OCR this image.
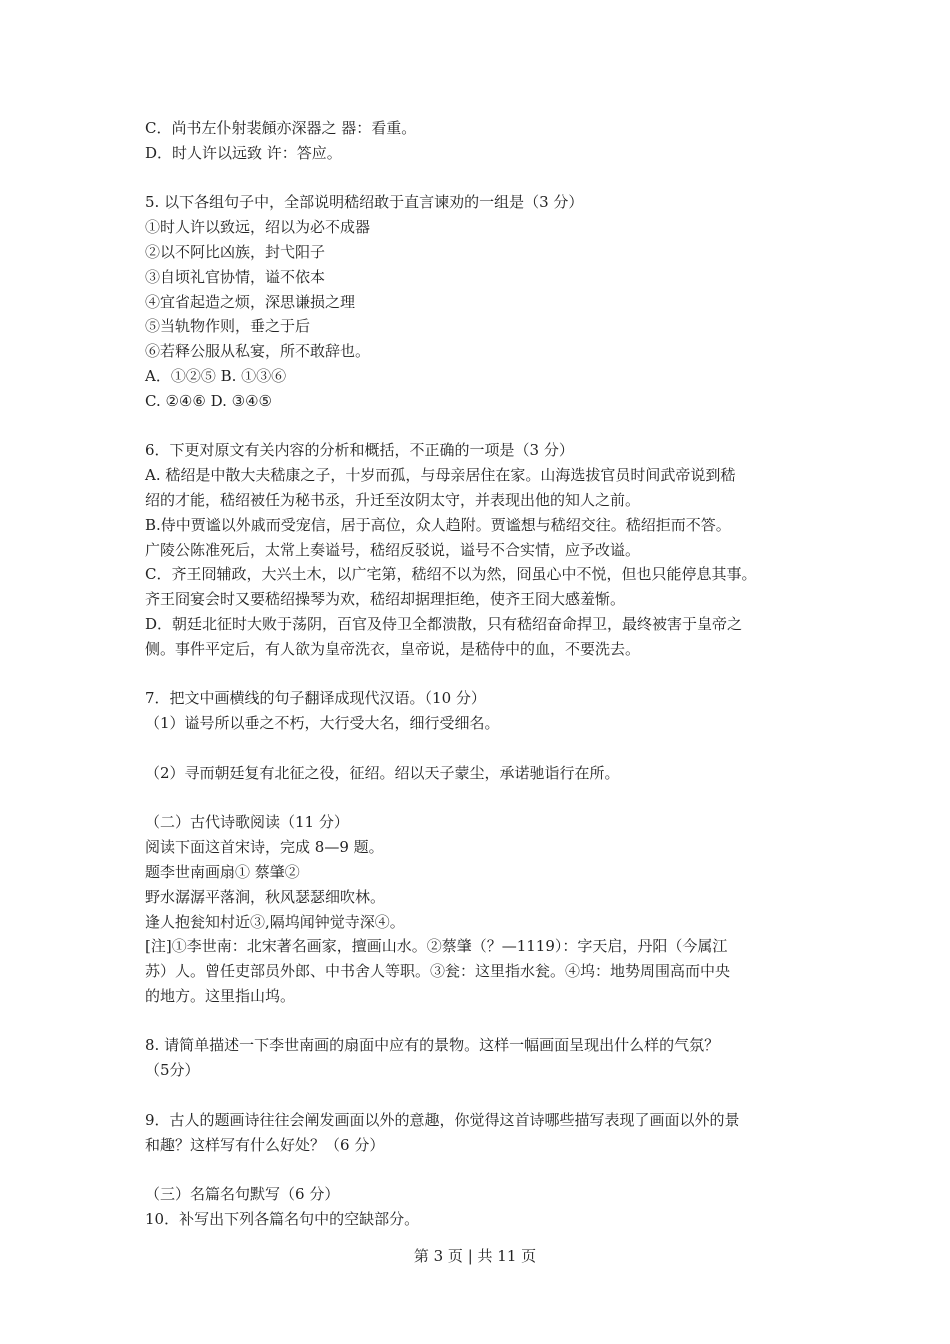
C．尚书左仆射裴頠亦深器之 器：看重。
D．时人许以远致 许：答应。
5. 以下各组句子中，全部说明嵇绍敢于直言谏劝的一组是（3 分）
①时人许以致远，绍以为必不成器
②以不阿比凶族，封弋阳子
③自顷礼官协情，谥不依本
④宜省起造之烦，深思谦损之理
⑤当轨物作则，垂之于后
⑥若释公服从私宴，所不敢辞也。
A．①②⑤ B. ①③⑥
C. ②④⑥ D. ③④⑤
6．下更对原文有关内容的分析和概括，不正确的一项是（3 分）
A. 嵇绍是中散大夫嵇康之子，十岁而孤，与母亲居住在家。山海选拔官员时间武帝说到嵇
绍的才能，嵇绍被任为秘书丞，升迁至汝阴太守，并表现出他的知人之前。
B.侍中贾谧以外戚而受宠信，居于高位，众人趋附。贾谧想与嵇绍交往。嵇绍拒而不答。
广陵公陈准死后，太常上奏谥号，嵇绍反驳说，谥号不合实情，应予改谥。
C．齐王冏辅政，大兴土木，以广宅第，嵇绍不以为然，冏虽心中不悦，但也只能停息其事。
齐王冏宴会时又要嵇绍操琴为欢，嵇绍却据理拒绝，使齐王冏大感羞惭。
D．朝廷北征时大败于荡阴，百官及侍卫全都溃散，只有嵇绍奋命捍卫，最终被害于皇帝之
侧。事件平定后，有人欲为皇帝洗衣，皇帝说，是嵇侍中的血，不要洗去。
7．把文中画横线的句子翻译成现代汉语。（10 分）
（1）谥号所以垂之不朽，大行受大名，细行受细名。
（2）寻而朝廷复有北征之役，征绍。绍以天子蒙尘，承诺驰诣行在所。
（二）古代诗歌阅读（11 分）
阅读下面这首宋诗，完成 8—9 题。
题李世南画扇① 蔡肇②
野水潺潺平落涧，秋风瑟瑟细吹林。
逢人抱瓮知村近③,隔坞闻钟觉寺深④。
[注]①李世南：北宋著名画家，擅画山水。②蔡肇（？—1119）：字天启，丹阳（今属江
苏）人。曾任吏部员外郎、中书舍人等职。③瓮：这里指水瓮。④坞：地势周围高而中央
的地方。这里指山坞。
8. 请简单描述一下李世南画的扇面中应有的景物。这样一幅画面呈现出什么样的气氛？
（5分）
9．古人的题画诗往往会阐发画面以外的意趣，你觉得这首诗哪些描写表现了画面以外的景
和趣？这样写有什么好处？（6 分）
（三）名篇名句默写（6 分）
10．补写出下列各篇名句中的空缺部分。
第 3 页 | 共 11 页
